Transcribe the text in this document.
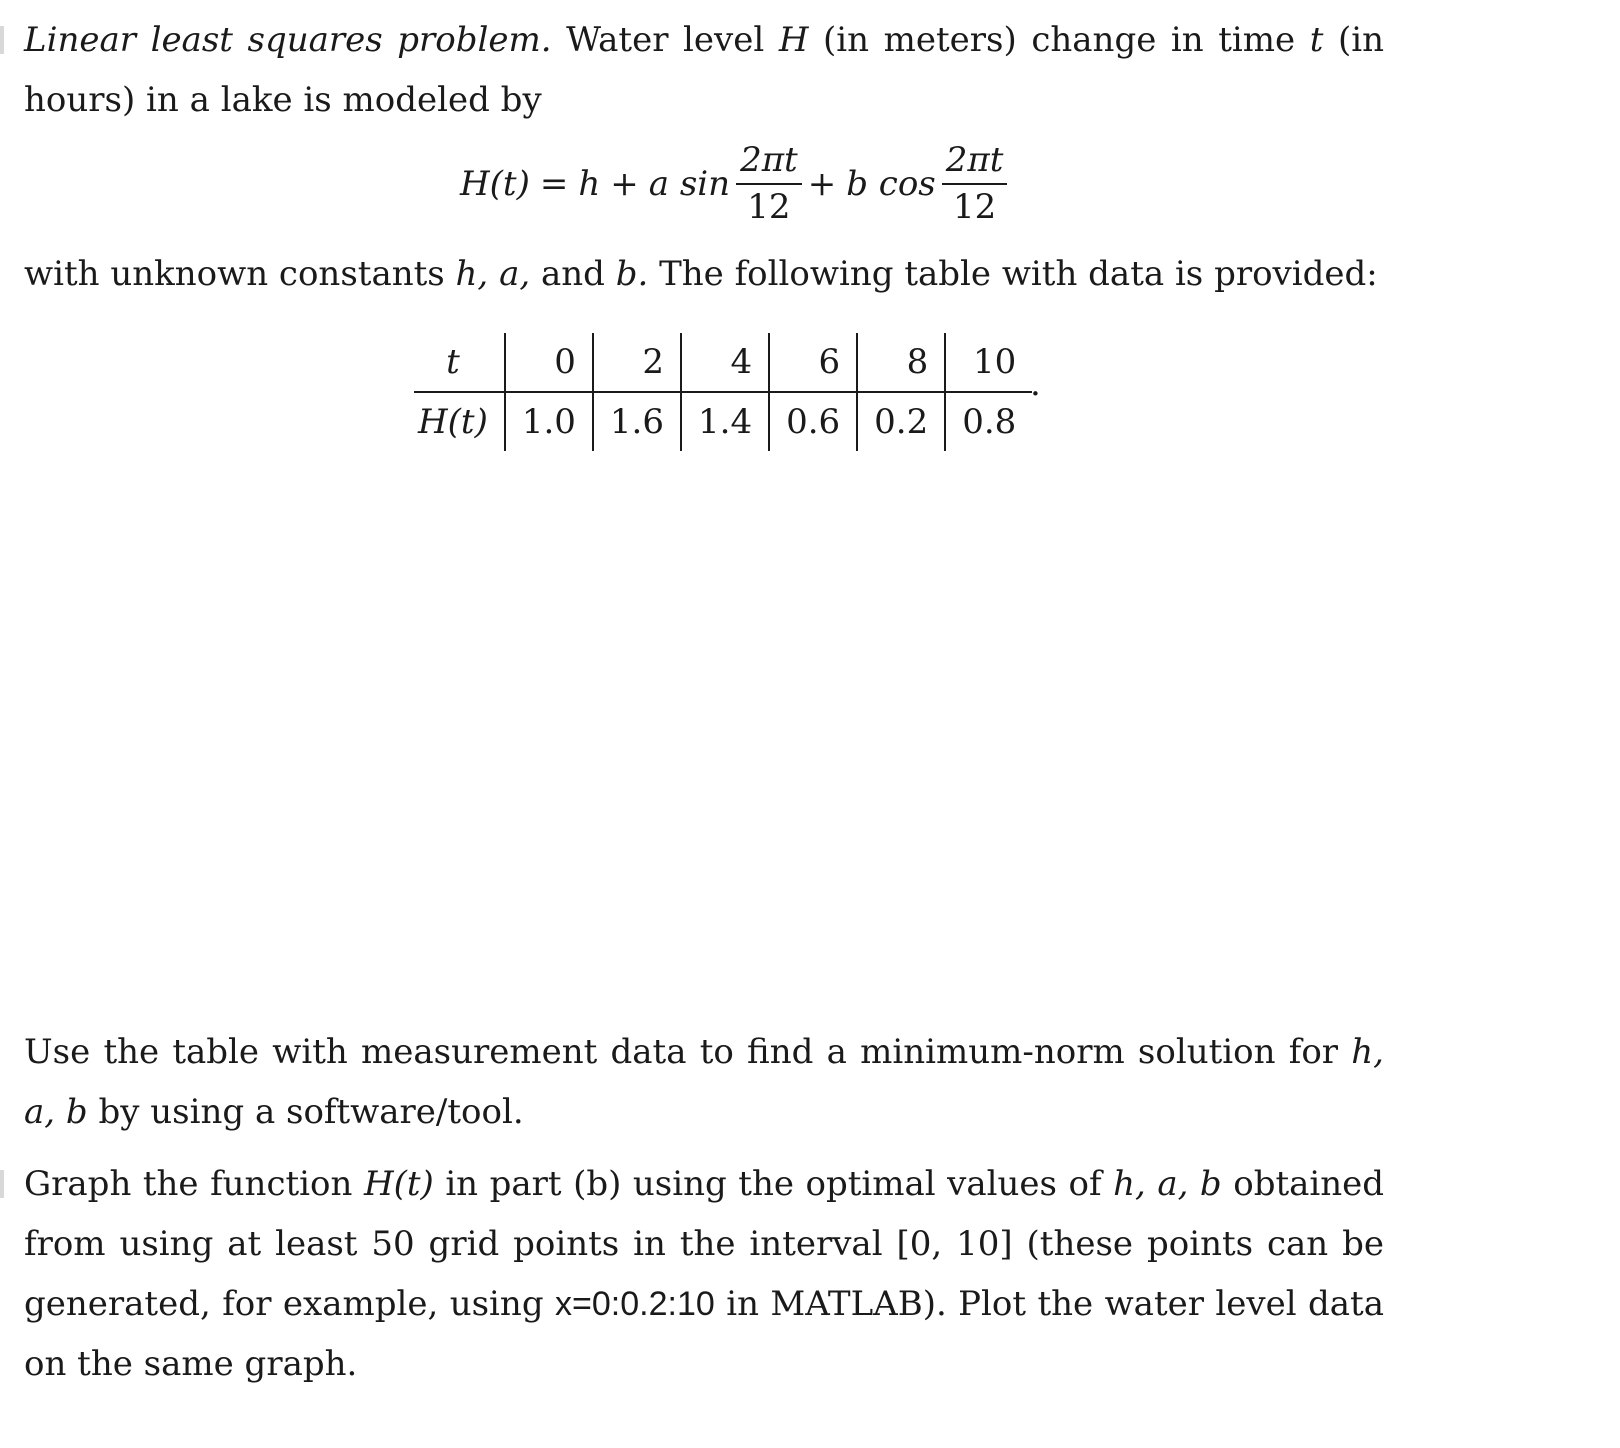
Linear least squares problem. Water level H (in meters) change in time t (in hours) in a lake is modeled by

H(t) = h + a $\sin \frac{2\pi t}{12} + b$ $\cos \frac{2\pi t}{12}$

with unknown constants h, a, and b. The following table with data is provided:

t	0	2	4	6	8	10
H(t)	1.0	1.6	1.4	0.6	0.2	0.8
.

Use the table with measurement data to find a minimum-norm solution for h, a, b by using a software/tool.

Graph the function H(t) in part (b) using the optimal values of h, a, b obtained from using at least 50 grid points in the interval [0, 10] (these points can be generated, for example, using x=0:0.2:10 in MATLAB). Plot the water level data on the same graph.
